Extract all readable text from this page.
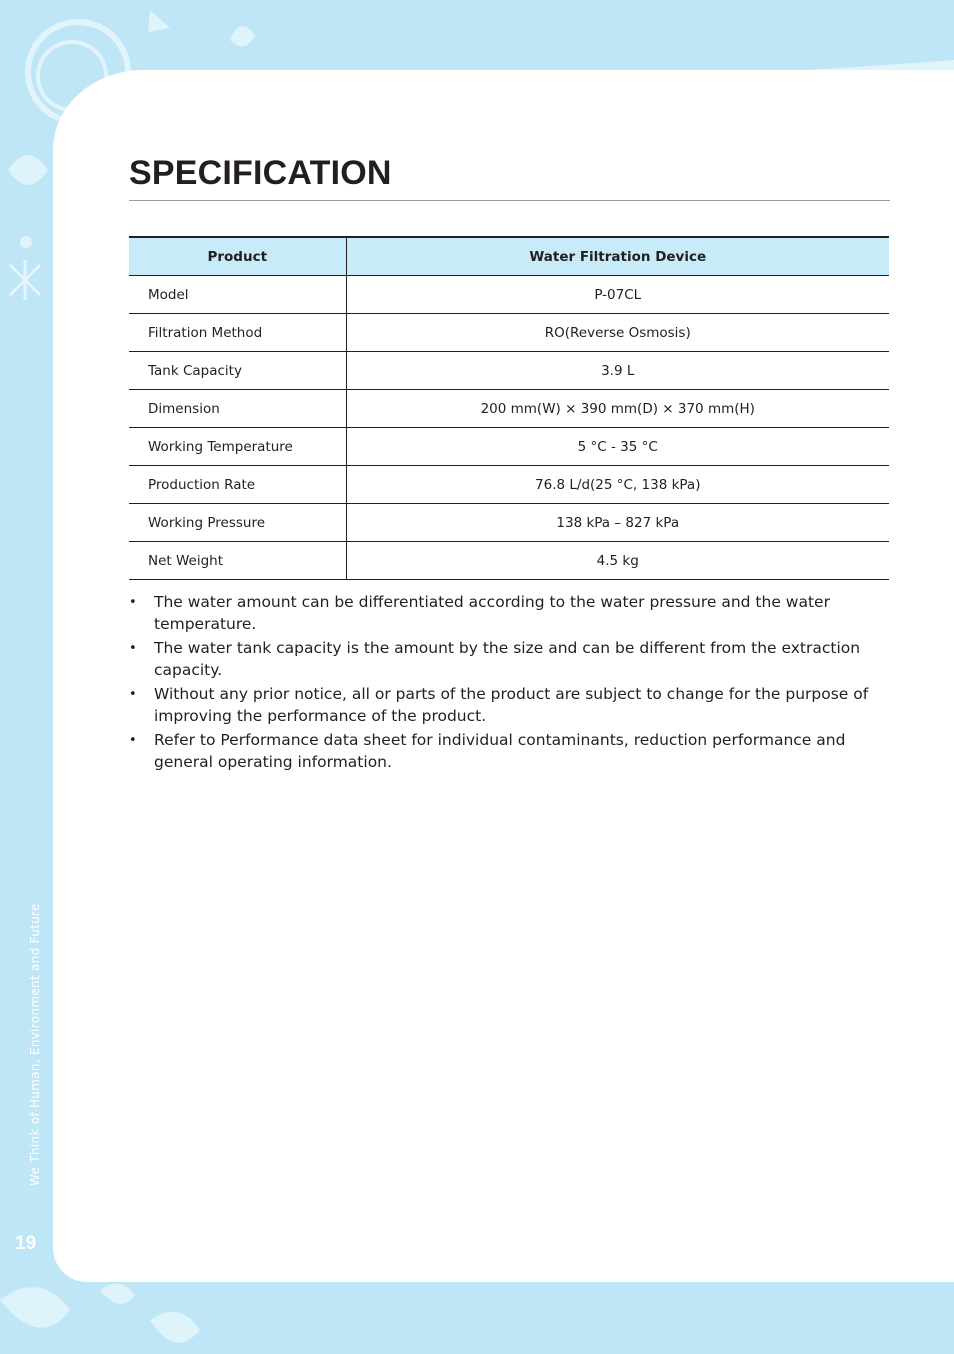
SPECIFICATION
Product	Water Filtration Device
Model	P-07CL
Filtration Method	RO(Reverse Osmosis)
Tank Capacity	3.9 L
Dimension	200 mm(W) × 390 mm(D) × 370 mm(H)
Working Temperature	5 °C - 35 °C
Production Rate	76.8 L/d(25 °C, 138 kPa)
Working Pressure	138 kPa – 827 kPa
Net Weight	4.5 kg
• The water amount can be differentiated according to the water pressure and the water temperature.
• The water tank capacity is the amount by the size and can be different from the extraction capacity.
• Without any prior notice, all or parts of the product are subject to change for the purpose of improving the performance of the product.
• Refer to Performance data sheet for individual contaminants, reduction performance and general operating information.
We Think of Human, Environment and Future
19
